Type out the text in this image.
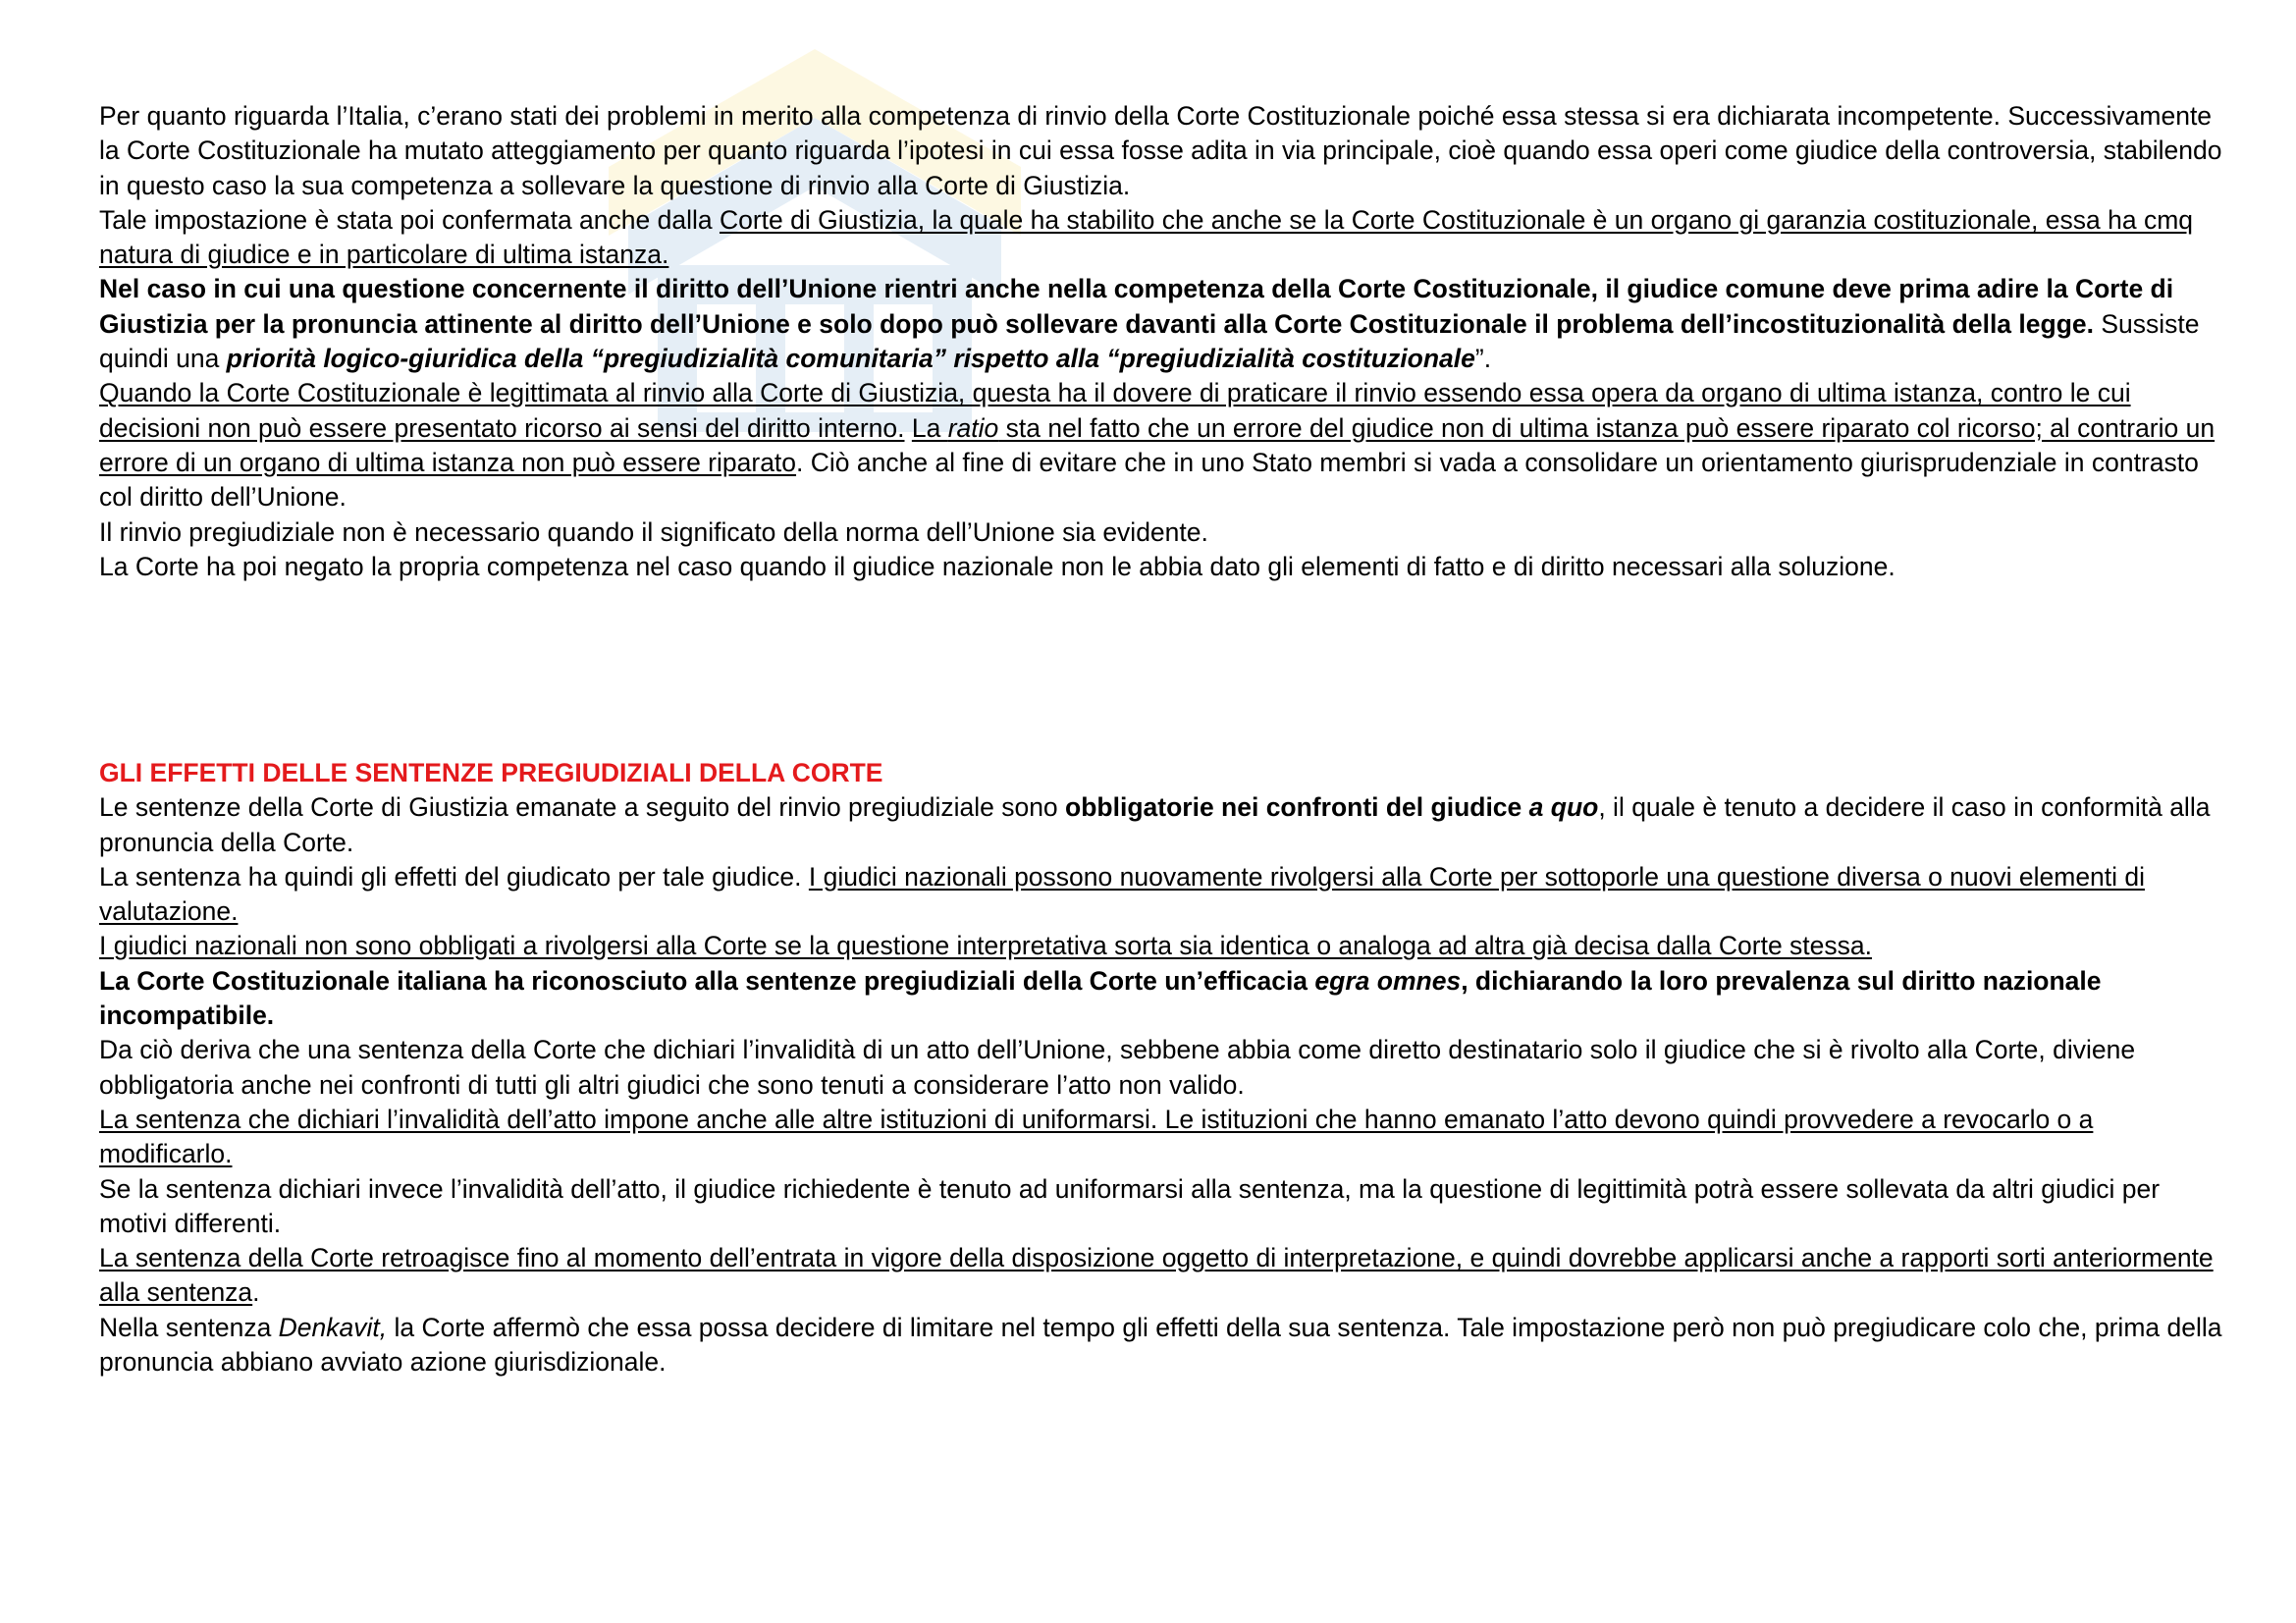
Per quanto riguarda l’Italia, c’erano stati dei problemi in merito alla competenza di rinvio della Corte Costituzionale poiché essa stessa si era dichiarata incompetente. Successivamente la Corte Costituzionale ha mutato atteggiamento per quanto riguarda l’ipotesi in cui essa fosse adita in via principale, cioè quando essa operi come giudice della controversia, stabilendo in questo caso la sua competenza a sollevare la questione di rinvio alla Corte di Giustizia.

Tale impostazione è stata poi confermata anche dalla Corte di Giustizia, la quale ha stabilito che anche se la Corte Costituzionale è un organo gi garanzia costituzionale, essa ha cmq natura di giudice e in particolare di ultima istanza.

Nel caso in cui una questione concernente il diritto dell’Unione rientri anche nella competenza della Corte Costituzionale, il giudice comune deve prima adire la Corte di Giustizia per la pronuncia attinente al diritto dell’Unione e solo dopo può sollevare davanti alla Corte Costituzionale il problema dell’incostituzionalità della legge. Sussiste quindi una priorità logico-giuridica della “pregiudizialità comunitaria” rispetto alla “pregiudizialità costituzionale”.

Quando la Corte Costituzionale è legittimata al rinvio alla Corte di Giustizia, questa ha il dovere di praticare il rinvio essendo essa opera da organo di ultima istanza, contro le cui decisioni non può essere presentato ricorso ai sensi del diritto interno. La ratio sta nel fatto che un errore del giudice non di ultima istanza può essere riparato col ricorso; al contrario un errore di un organo di ultima istanza non può essere riparato. Ciò anche al fine di evitare che in uno Stato membri si vada a consolidare un orientamento giurisprudenziale in contrasto col diritto dell’Unione.

Il rinvio pregiudiziale non è necessario quando il significato della norma dell’Unione sia evidente.

La Corte ha poi negato la propria competenza nel caso quando il giudice nazionale non le abbia dato gli elementi di fatto e di diritto necessari alla soluzione.

GLI EFFETTI DELLE SENTENZE PREGIUDIZIALI DELLA CORTE

Le sentenze della Corte di Giustizia emanate a seguito del rinvio pregiudiziale sono obbligatorie nei confronti del giudice a quo, il quale è tenuto a decidere il caso in conformità alla pronuncia della Corte.

La sentenza ha quindi gli effetti del giudicato per tale giudice. I giudici nazionali possono nuovamente rivolgersi alla Corte per sottoporle una questione diversa o nuovi elementi di valutazione.

I giudici nazionali non sono obbligati a rivolgersi alla Corte se la questione interpretativa sorta sia identica o analoga ad altra già decisa dalla Corte stessa.

La Corte Costituzionale italiana ha riconosciuto alla sentenze pregiudiziali della Corte un’efficacia egra omnes, dichiarando la loro prevalenza sul diritto nazionale incompatibile.

Da ciò deriva che una sentenza della Corte che dichiari l’invalidità di un atto dell’Unione, sebbene abbia come diretto destinatario solo il giudice che si è rivolto alla Corte, diviene obbligatoria anche nei confronti di tutti gli altri giudici che sono tenuti a considerare l’atto non valido.

La sentenza che dichiari l’invalidità dell’atto impone anche alle altre istituzioni di uniformarsi. Le istituzioni che hanno emanato l’atto devono quindi provvedere a revocarlo o a modificarlo.

Se la sentenza dichiari invece l’invalidità dell’atto, il giudice richiedente è tenuto ad uniformarsi alla sentenza, ma la questione di legittimità potrà essere sollevata da altri giudici per motivi differenti.

La sentenza della Corte retroagisce fino al momento dell’entrata in vigore della disposizione oggetto di interpretazione, e quindi dovrebbe applicarsi anche a rapporti sorti anteriormente alla sentenza.

Nella sentenza Denkavit, la Corte affermò che essa possa decidere di limitare nel tempo gli effetti della sua sentenza. Tale impostazione però non può pregiudicare colo che, prima della pronuncia abbiano avviato azione giurisdizionale.
